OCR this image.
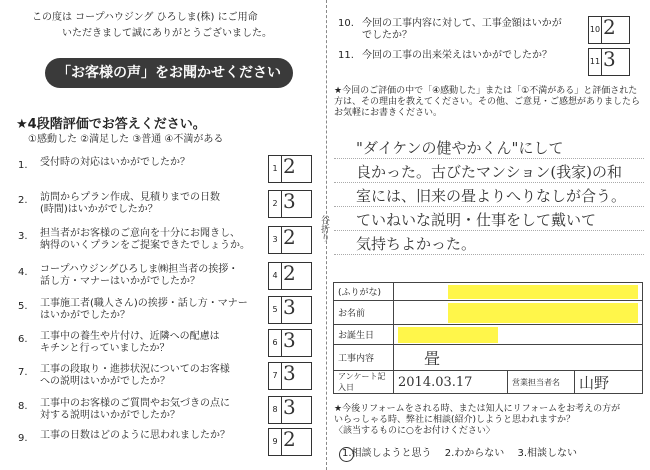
この度は コープハウジング ひろしま(株) にご用命
いただきまして誠にありがとうございました。
「お客様の声」をお聞かせください
★4段階評価でお答えください。
①感動した ②満足した ③普通 ④不満がある
1. 受付時の対応はいかがでしたか？
1 2
2. 訪問からプラン作成、見積りまでの日数
(時間)はいかがでしたか？
2 3
3. 担当者がお客様のご意向を十分にお聞きし、
納得のいくプランをご提案できたでしょうか。
3 2
4. コープハウジングひろしま㈱担当者の挨拶・
話し方・マナーはいかがでしたか？
4 2
5. 工事施工者(職人さん)の挨拶・話し方・マナー
はいかがでしたか？
5 3
6. 工事中の養生や片付け、近隣への配慮は
キチンと行っていましたか？
6 3
7. 工事の段取り・進捗状況についてのお客様
への説明はいかがでしたか？
7 3
8. 工事中のお客様のご質問やお気づきの点に
対する説明はいかがでしたか？
8 3
9. 工事の日数はどのように思われましたか？
9 2
谷折り
10. 今回の工事内容に対して、工事金額はいかが
でしたか？
10 2
11. 今回の工事の出来栄えはいかがでしたか？
11 3
★今回のご評価の中で「④感動した」または「①不満がある」と評価された
方は、その理由を教えてください。その他、ご意見・ご感想がありましたら
お気軽にお書きください。
"ダイケンの健やかくん"にして
良かった。古びたマンション(我家)の和
室には、旧来の畳よりへりなしが合う。
ていねいな説明・仕事をして戴いて
気持ちよかった。
(ふりがな)			

お名前			

お誕生日			

工事内容	畳		
アンケート記入日	2014.03.17	営業担当者名	山野
★今後リフォームをされる時、または知人にリフォームをお考えの方が
いらっしゃる時、弊社に相談(紹介)しようと思われますか？
〈該当するものに○をお付けください〉
1.相談しようと思う 2.わからない 3.相談しない
